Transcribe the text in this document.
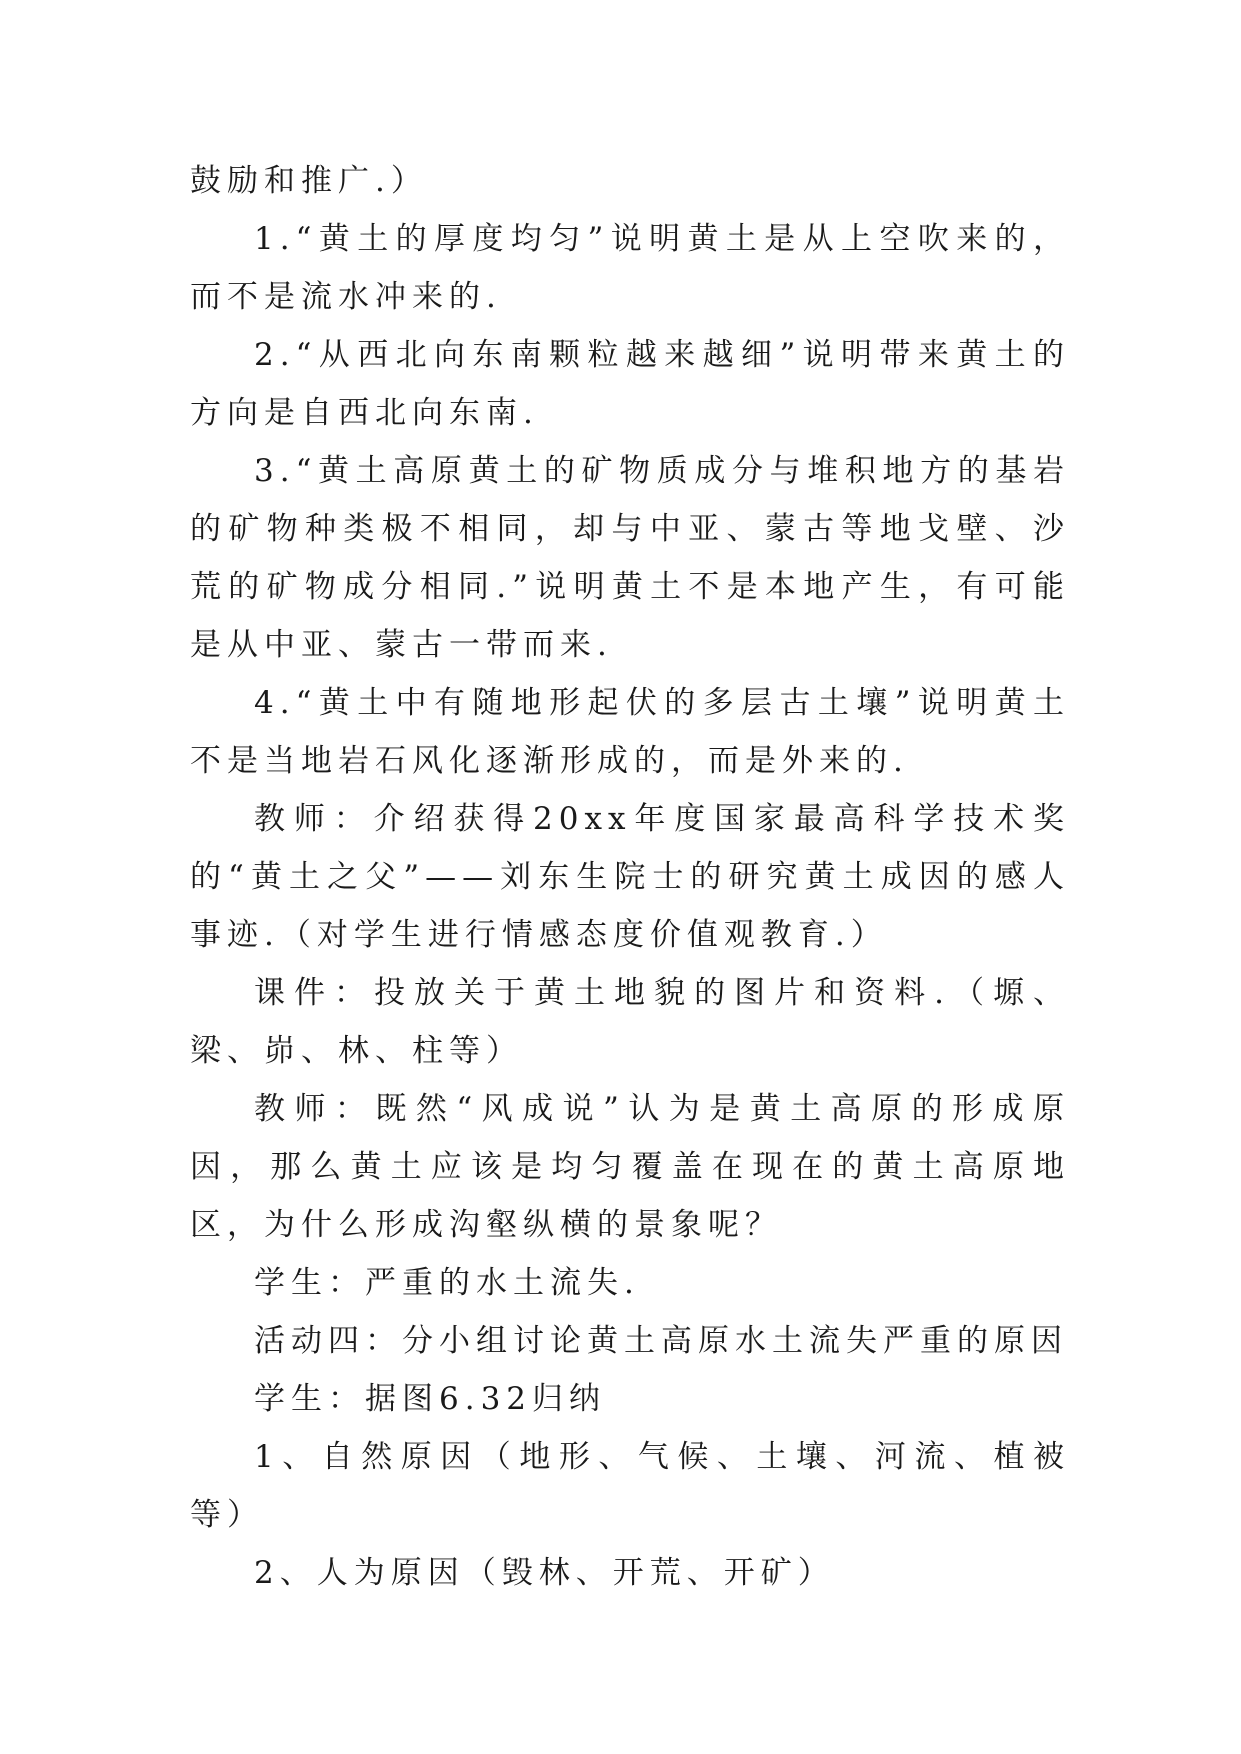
鼓励和推广.）

1.“黄土的厚度均匀”说明黄土是从上空吹来的，而不是流水冲来的.

2.“从西北向东南颗粒越来越细”说明带来黄土的方向是自西北向东南.

3.“黄土高原黄土的矿物质成分与堆积地方的基岩的矿物种类极不相同，却与中亚、蒙古等地戈壁、沙荒的矿物成分相同.”说明黄土不是本地产生，有可能是从中亚、蒙古一带而来.

4.“黄土中有随地形起伏的多层古土壤”说明黄土不是当地岩石风化逐渐形成的，而是外来的.

教师：介绍获得20xx年度国家最高科学技术奖的“黄土之父”——刘东生院士的研究黄土成因的感人事迹.（对学生进行情感态度价值观教育.）

课件：投放关于黄土地貌的图片和资料.（塬、梁、峁、林、柱等）

教师：既然“风成说”认为是黄土高原的形成原因，那么黄土应该是均匀覆盖在现在的黄土高原地区，为什么形成沟壑纵横的景象呢？

学生：严重的水土流失.

活动四：分小组讨论黄土高原水土流失严重的原因

学生：据图6.32归纳

1、自然原因（地形、气候、土壤、河流、植被等）

2、人为原因（毁林、开荒、开矿）
